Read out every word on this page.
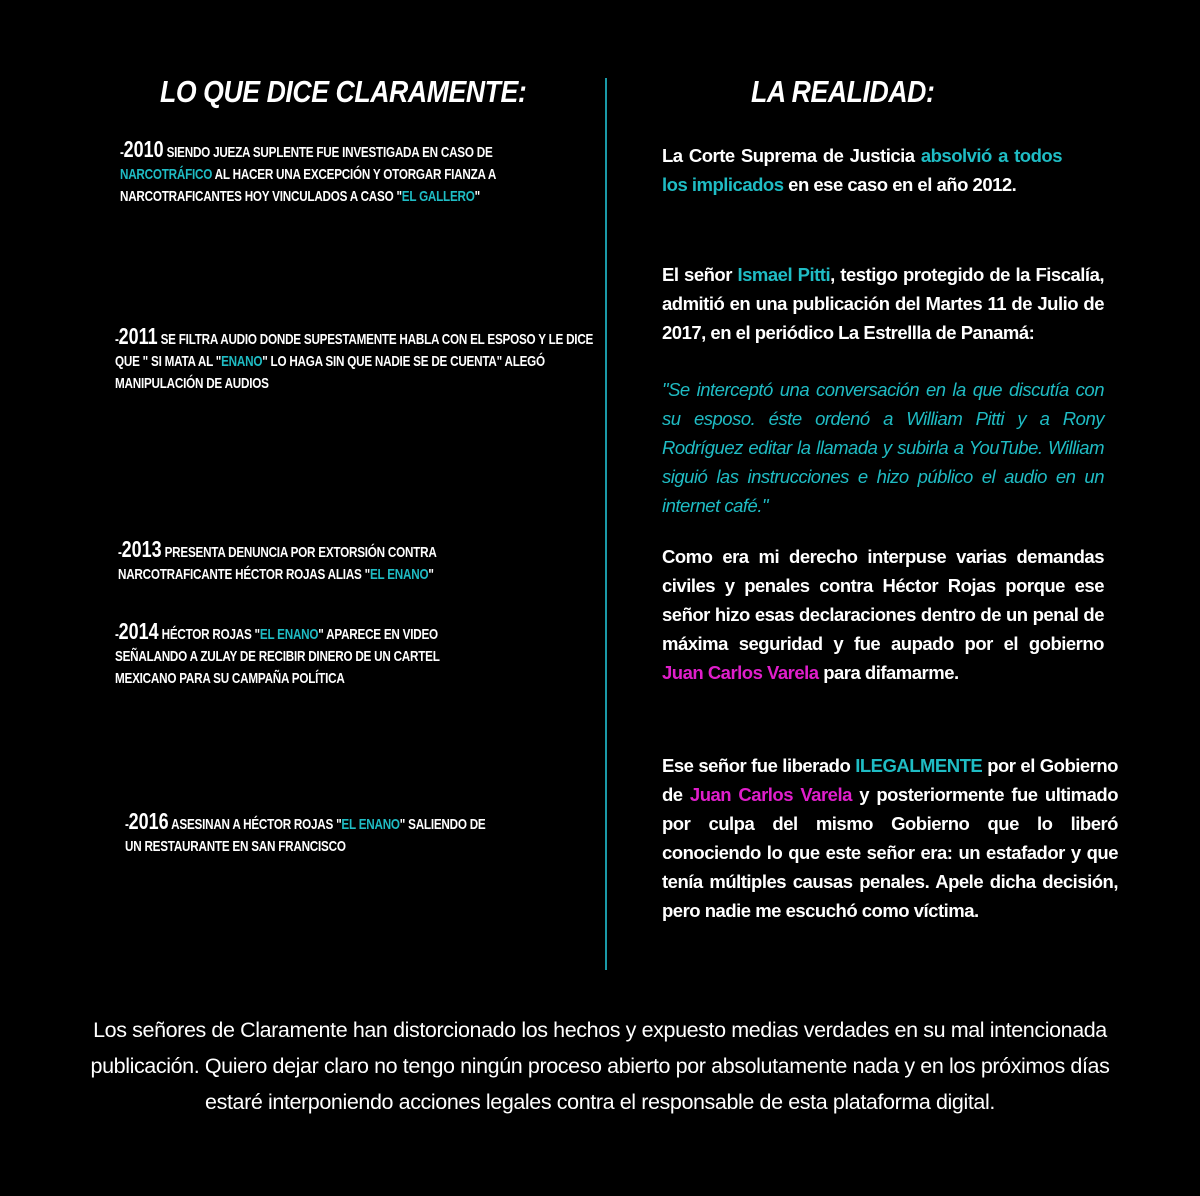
LO QUE DICE CLARAMENTE:	LA REALIDAD:
-2010 SIENDO JUEZA SUPLENTE FUE INVESTIGADA EN CASO DE
NARCOTRÁFICO AL HACER UNA EXCEPCIÓN Y OTORGAR FIANZA A NARCOTRAFICANTES HOY VINCULADOS A CASO "EL GALLERO"
-2011 SE FILTRA AUDIO DONDE SUPESTAMENTE HABLA CON EL ESPOSO Y LE DICE QUE " SI MATA AL "ENANO" LO HAGA SIN QUE NADIE SE DE CUENTA" ALEGÓ MANIPULACIÓN DE AUDIOS
-2013 PRESENTA DENUNCIA POR EXTORSIÓN CONTRA NARCOTRAFICANTE HÉCTOR ROJAS ALIAS "EL ENANO"
-2014 HÉCTOR ROJAS "EL ENANO" APARECE EN VIDEO SEÑALANDO A ZULAY DE RECIBIR DINERO DE UN CARTEL MEXICANO PARA SU CAMPAÑA POLÍTICA
-2016 ASESINAN A HÉCTOR ROJAS "EL ENANO" SALIENDO DE UN RESTAURANTE EN SAN FRANCISCO
La Corte Suprema de Justicia absolvió a todos los implicados en ese caso en el año 2012.
El señor Ismael Pitti, testigo protegido de la Fiscalía, admitió en una publicación del Martes 11 de Julio de 2017, en el periódico La Estrellla de Panamá:
"Se interceptó una conversación en la que discutía con su esposo. éste ordenó a William Pitti y a Rony Rodríguez editar la llamada y subirla a YouTube. William siguió las instrucciones e hizo público el audio en un internet café."
Como era mi derecho interpuse varias demandas civiles y penales contra Héctor Rojas porque ese señor hizo esas declaraciones dentro de un penal de máxima seguridad y fue aupado por el gobierno Juan Carlos Varela para difamarme.
Ese señor fue liberado ILEGALMENTE por el Gobierno de Juan Carlos Varela y posteriormente fue ultimado por culpa del mismo Gobierno que lo liberó conociendo lo que este señor era: un estafador y que tenía múltiples causas penales. Apele dicha decisión, pero nadie me escuchó como víctima.
Los señores de Claramente han distorcionado los hechos y expuesto medias verdades en su mal intencionada publicación. Quiero dejar claro no tengo ningún proceso abierto por absolutamente nada y en los próximos días estaré interponiendo acciones legales contra el responsable de esta plataforma digital.
